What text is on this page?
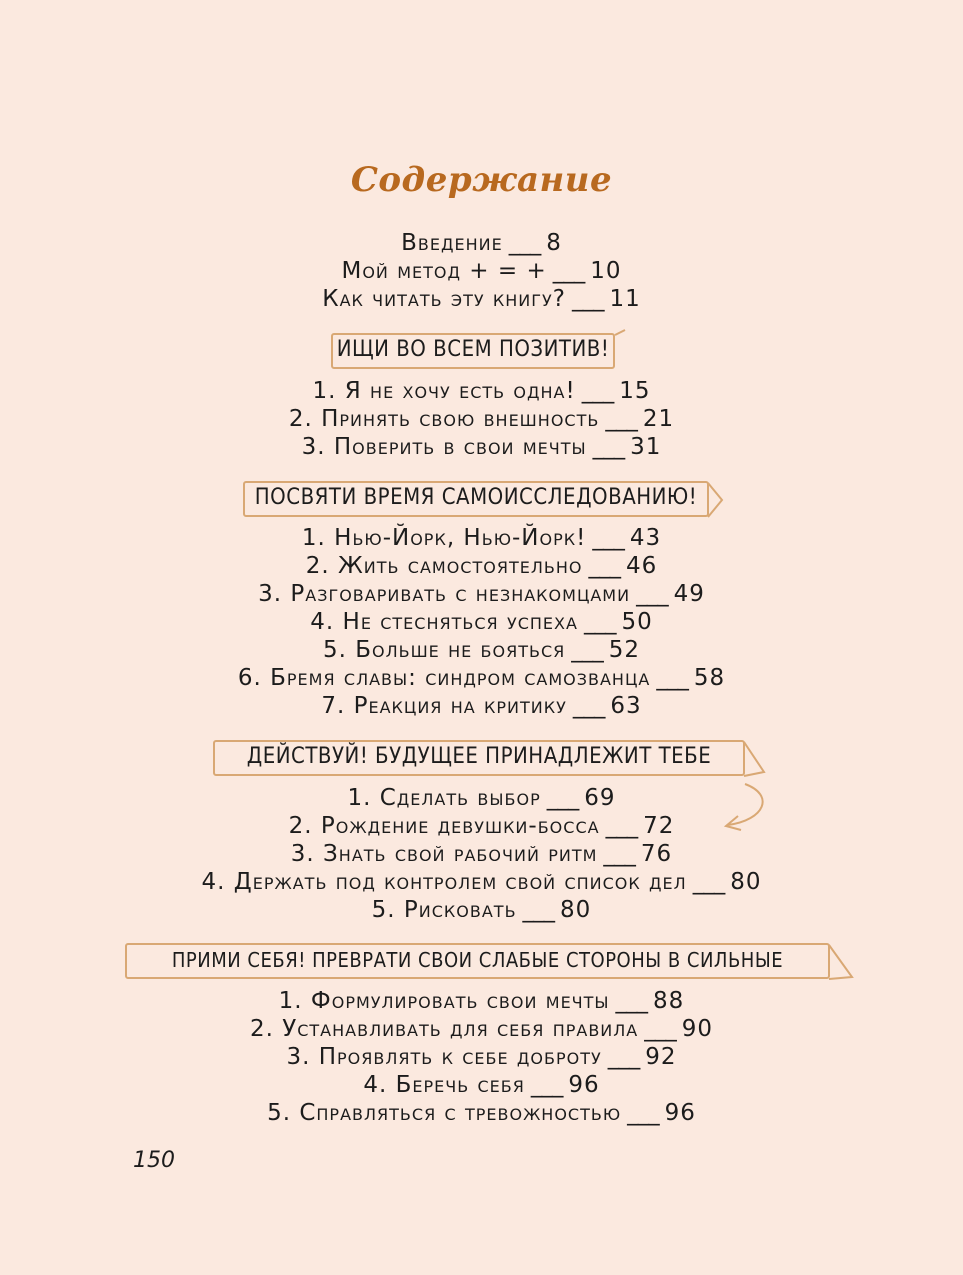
Содержание
Введение ___ 8
Мой метод + = + ___ 10
Как читать эту книгу? ___ 11
ИЩИ ВО ВСЕМ ПОЗИТИВ!
1. Я не хочу есть одна! ___ 15
2. Принять свою внешность ___ 21
3. Поверить в свои мечты ___ 31
ПОСВЯТИ ВРЕМЯ САМОИССЛЕДОВАНИЮ!
1. Нью-Йорк, Нью-Йорк! ___ 43
2. Жить самостоятельно ___ 46
3. Разговаривать с незнакомцами ___ 49
4. Не стесняться успеха ___ 50
5. Больше не бояться ___ 52
6. Бремя славы: синдром самозванца ___ 58
7. Реакция на критику ___ 63
ДЕЙСТВУЙ! БУДУЩЕЕ ПРИНАДЛЕЖИТ ТЕБЕ
1. Сделать выбор ___ 69
2. Рождение девушки-босса ___ 72
3. Знать свой рабочий ритм ___ 76
4. Держать под контролем свой список дел ___ 80
5. Рисковать ___ 80
ПРИМИ СЕБЯ! ПРЕВРАТИ СВОИ СЛАБЫЕ СТОРОНЫ В СИЛЬНЫЕ
1. Формулировать свои мечты ___ 88
2. Устанавливать для себя правила ___ 90
3. Проявлять к себе доброту ___ 92
4. Беречь себя ___ 96
5. Справляться с тревожностью ___ 96
150
